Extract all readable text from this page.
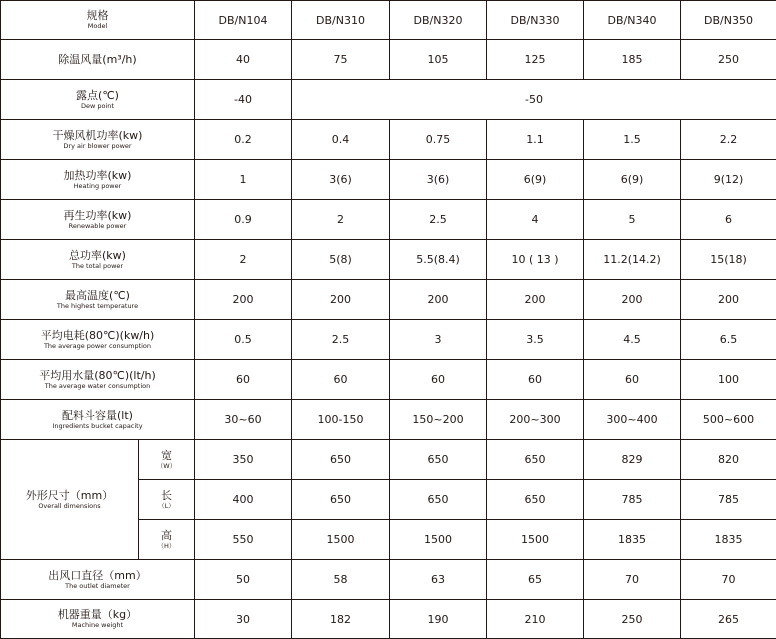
规格
Model		DB/N104	DB/N310	DB/N320	DB/N330	DB/N340	DB/N350

除温风量(m³/h)		40	75	105	125	185	250

露点(℃)
Dew point		-40	-50				

干燥风机功率(kw)
Dry air blower power		0.2	0.4	0.75	1.1	1.5	2.2

加热功率(kw)
Heating power		1	3(6)	3(6)	6(9)	6(9)	9(12)

再生功率(kw)
Renewable power		0.9	2	2.5	4	5	6

总功率(kw)
The total power		2	5(8)	5.5(8.4)	10 ( 13 )	11.2(14.2)	15(18)

最高温度(℃)
The highest temperature		200	200	200	200	200	200

平均电耗(80℃)(kw/h)
The average power consumption		0.5	2.5	3	3.5	4.5	6.5

平均用水量(80℃)(lt/h)
The average water consumption		60	60	60	60	60	100

配料斗容量(lt)
Ingredients bucket capacity		30~60	100-150	150~200	200~300	300~400	500~600

外形尺寸（mm）
Overall dimensions	宽
（W）	350	650	650	650	829	820

	长
（L）	400	650	650	650	785	785

	高
（H）	550	1500	1500	1500	1835	1835

出风口直径（mm）
The outlet diameter		50	58	63	65	70	70

机器重量（kg）
Machine weight		30	182	190	210	250	265
